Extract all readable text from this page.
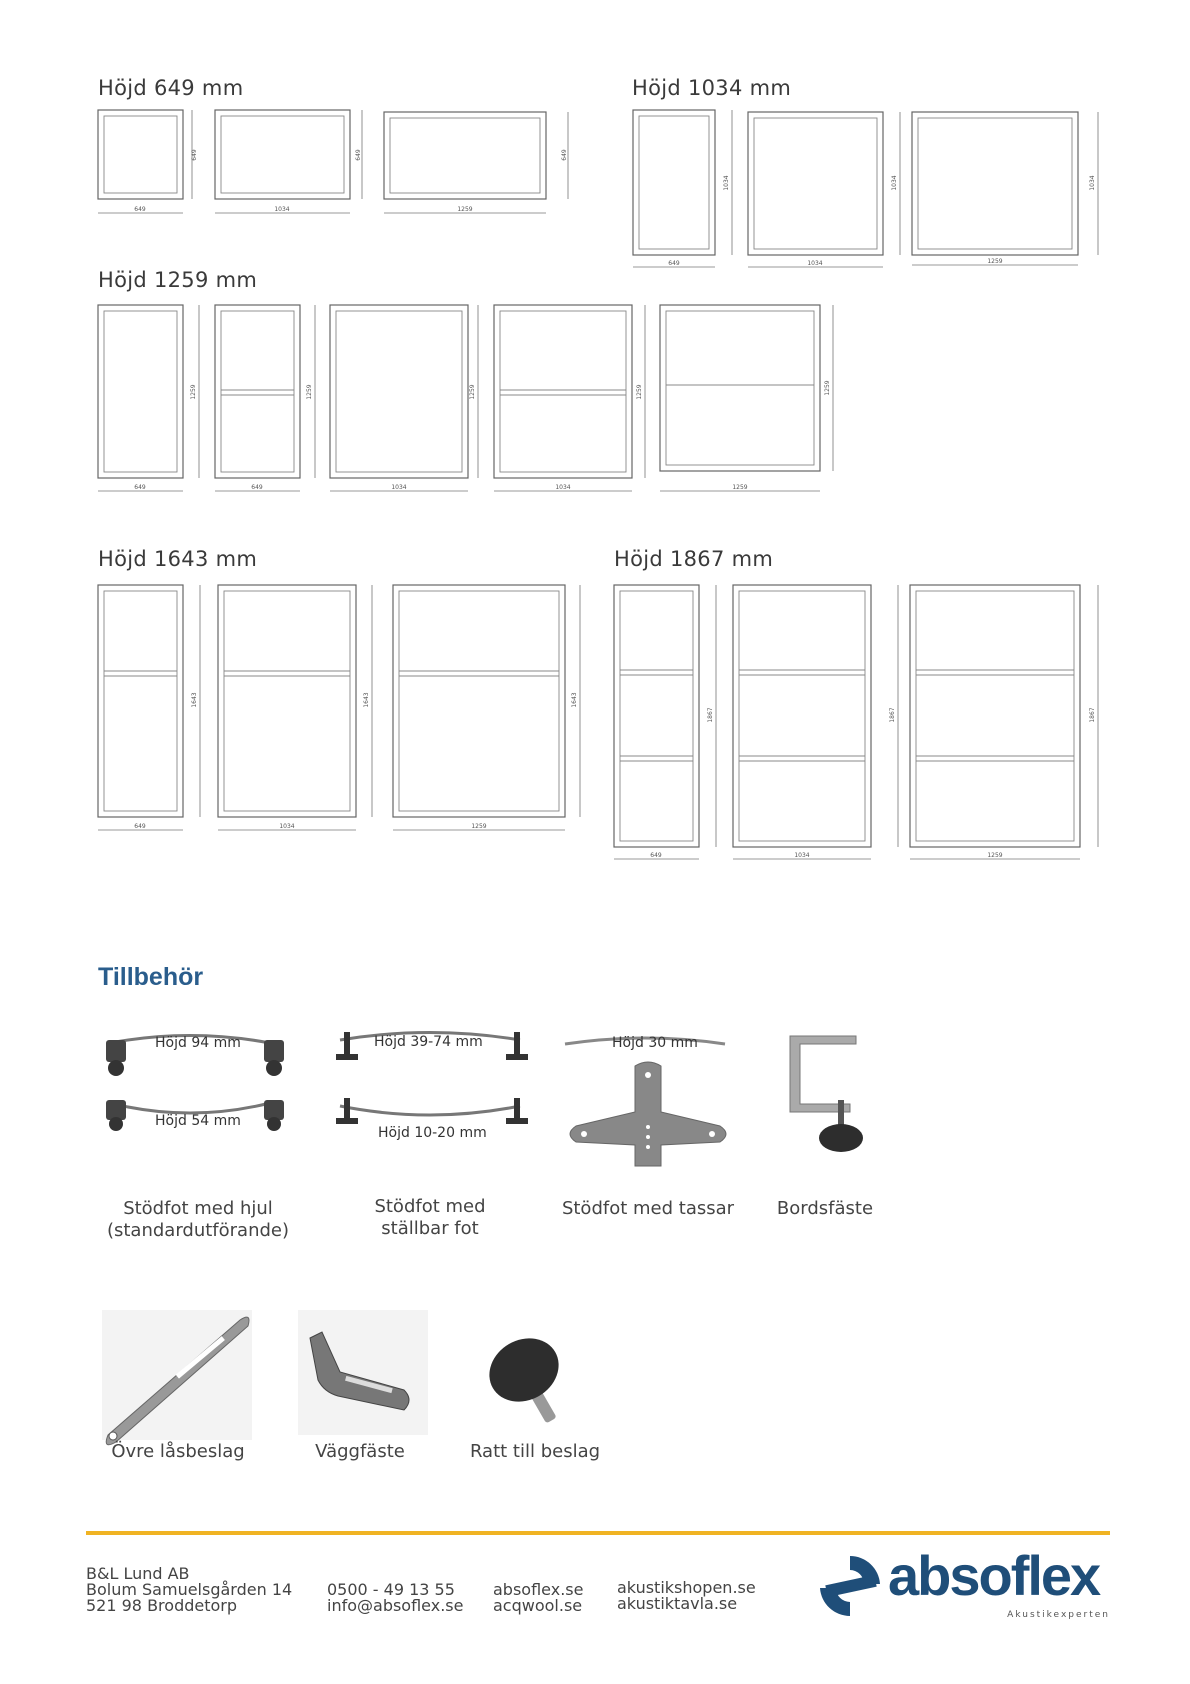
Höjd 649 mm	Höjd 1034 mm
Höjd 1259 mm
Höjd 1643 mm	Höjd 1867 mm
649
649
1034
649
1259
649
649
1034
1034
1034
1259
1034
649
1259
649
1259
1034
1259
1034
1259
1259
1259
649
1643
1034
1643
1259
1643
649
1867
1034
1867
1259
1867
Tillbehör
Höjd 94 mm
Höjd 54 mm
Höjd 39-74 mm
Höjd 10-20 mm
Höjd 30 mm
Stödfot med hjul
(standardutförande)
Stödfot med
ställbar fot
Stödfot med tassar	Bordsfäste
Övre låsbeslag	Väggfäste	Ratt till beslag
B&L Lund AB
Bolum Samuelsgården 14
521 98 Broddetorp
0500 - 49 13 55
info@absoflex.se
absoflex.se
acqwool.se
akustikshopen.se
akustiktavla.se	absoflex
Akustikexperten
